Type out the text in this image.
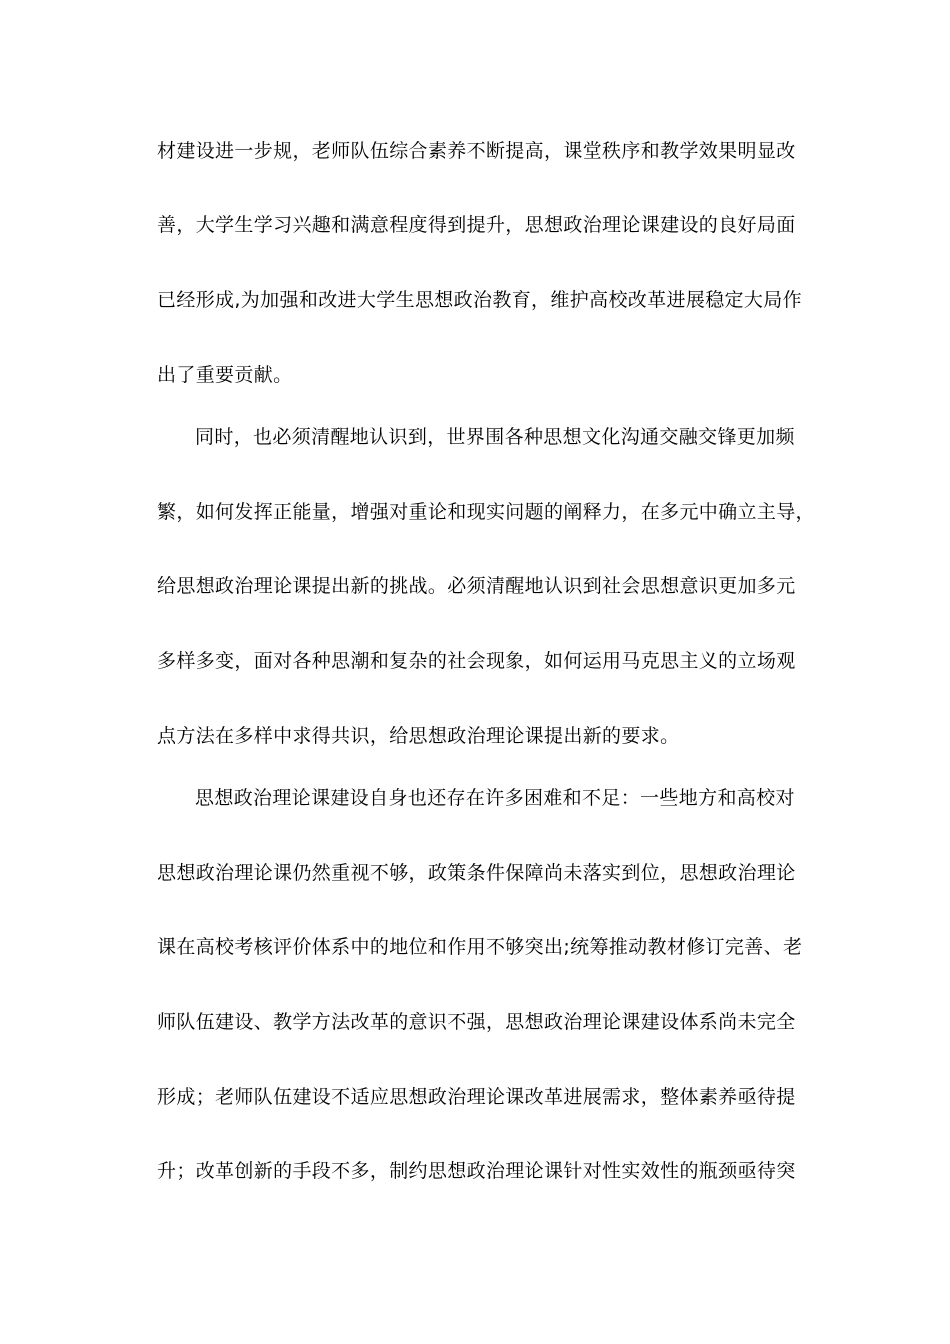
材建设进一步规，老师队伍综合素养不断提高，课堂秩序和教学效果明显改
善，大学生学习兴趣和满意程度得到提升，思想政治理论课建设的良好局面
已经形成,为加强和改进大学生思想政治教育，维护高校改革进展稳定大局作
出了重要贡献。
同时，也必须清醒地认识到，世界围各种思想文化沟通交融交锋更加频
繁，如何发挥正能量，增强对重论和现实问题的阐释力，在多元中确立主导，
给思想政治理论课提出新的挑战。必须清醒地认识到社会思想意识更加多元
多样多变，面对各种思潮和复杂的社会现象，如何运用马克思主义的立场观
点方法在多样中求得共识，给思想政治理论课提出新的要求。
思想政治理论课建设自身也还存在许多困难和不足：一些地方和高校对
思想政治理论课仍然重视不够，政策条件保障尚未落实到位，思想政治理论
课在高校考核评价体系中的地位和作用不够突出;统筹推动教材修订完善、老
师队伍建设、教学方法改革的意识不强，思想政治理论课建设体系尚未完全
形成；老师队伍建设不适应思想政治理论课改革进展需求，整体素养亟待提
升；改革创新的手段不多，制约思想政治理论课针对性实效性的瓶颈亟待突
